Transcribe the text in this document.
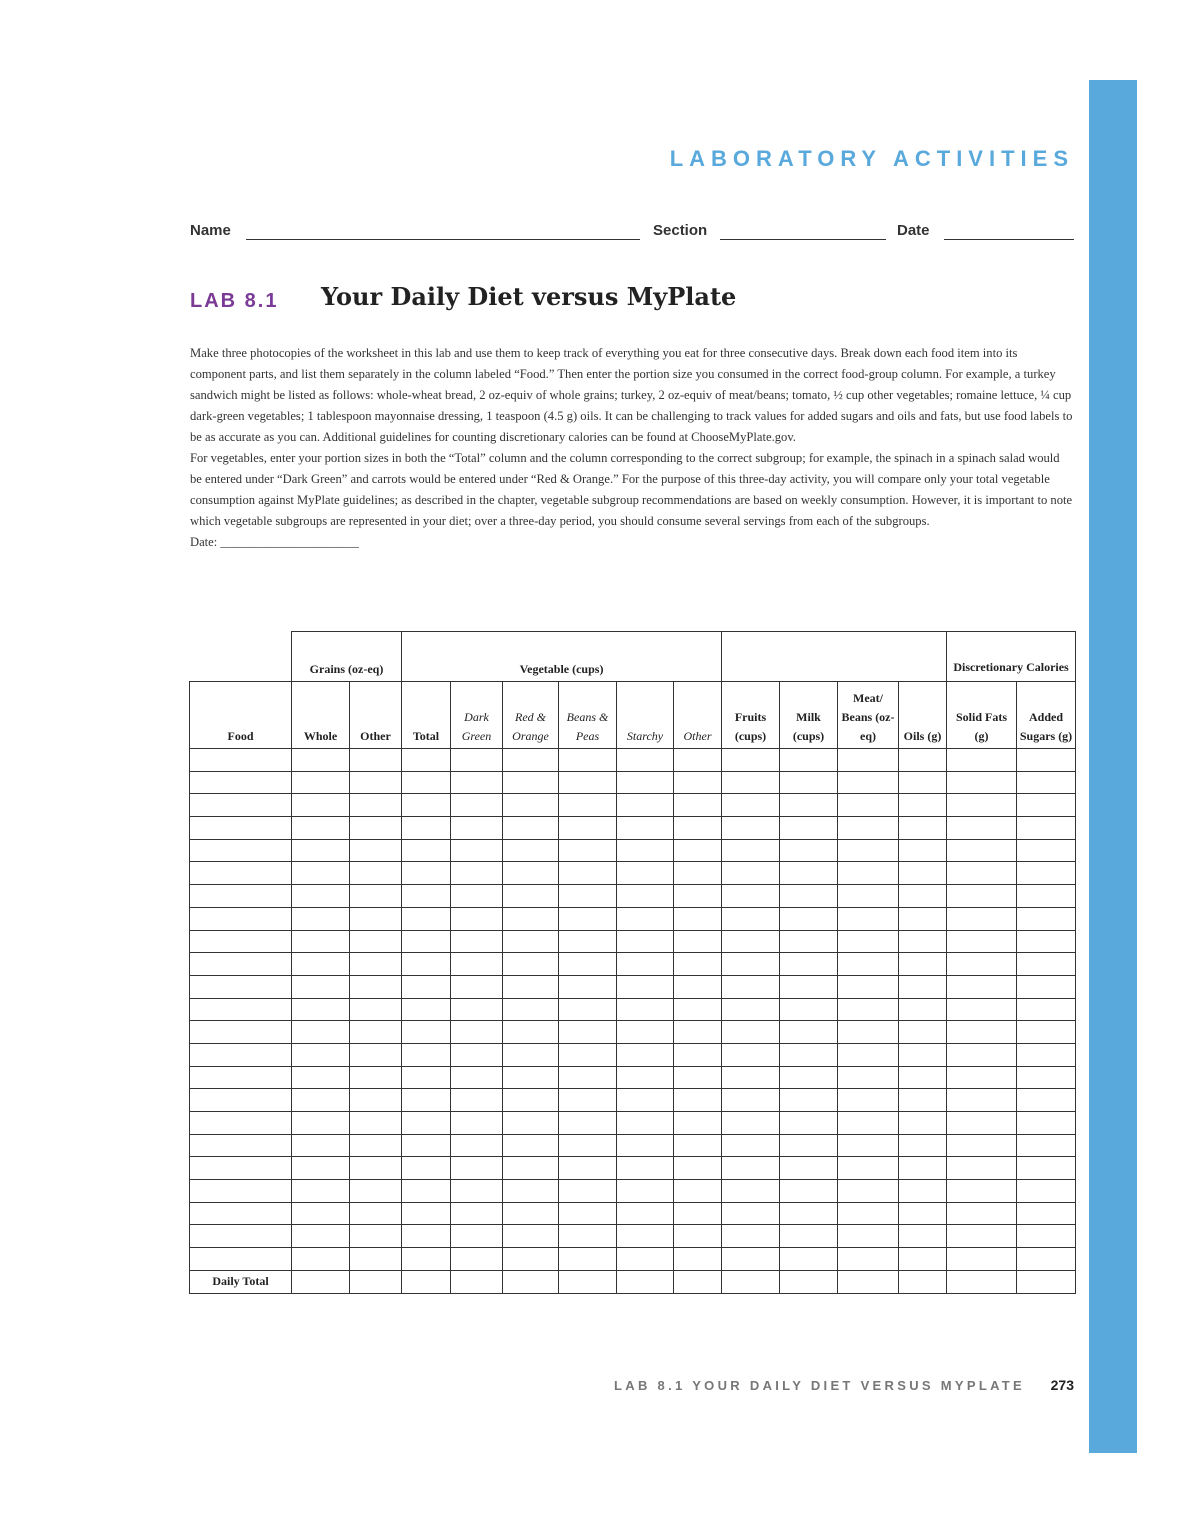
LABORATORY ACTIVITIES
Name	Section	Date
LAB 8.1 Your Daily Diet versus MyPlate

Make three photocopies of the worksheet in this lab and use them to keep track of everything you eat for three consecutive days. Break down each food item into its component parts, and list them separately in the column labeled “Food.” Then enter the portion size you consumed in the correct food-group column. For example, a turkey sandwich might be listed as follows: whole-wheat bread, 2 oz-equiv of whole grains; turkey, 2 oz-equiv of meat/beans; tomato, ½ cup other vegetables; romaine lettuce, ¼ cup dark-green vegetables; 1 tablespoon mayonnaise dressing, 1 teaspoon (4.5 g) oils. It can be challenging to track values for added sugars and oils and fats, but use food labels to be as accurate as you can. Additional guidelines for counting discretionary calories can be found at ChooseMyPlate.gov.

For vegetables, enter your portion sizes in both the “Total” column and the column corresponding to the correct subgroup; for example, the spinach in a spinach salad would be entered under “Dark Green” and carrots would be entered under “Red & Orange.” For the purpose of this three-day activity, you will compare only your total vegetable consumption against MyPlate guidelines; as described in the chapter, vegetable subgroup recommendations are based on weekly consumption. However, it is important to note which vegetable subgroups are represented in your diet; over a three-day period, you should consume several servings from each of the subgroups.

Date: ______________________

	Grains (oz-eq)		Vegetable (cups)										Discretionary Calories	
Food	Whole	Other	Total	Dark Green	Red & Orange	Beans & Peas	Starchy	Other	Fruits (cups)	Milk (cups)	Meat/ Beans (oz-eq)	Oils (g)	Solid Fats (g)	Added Sugars (g)

Daily Total														
LAB 8.1 YOUR DAILY DIET VERSUS MYPLATE 273
